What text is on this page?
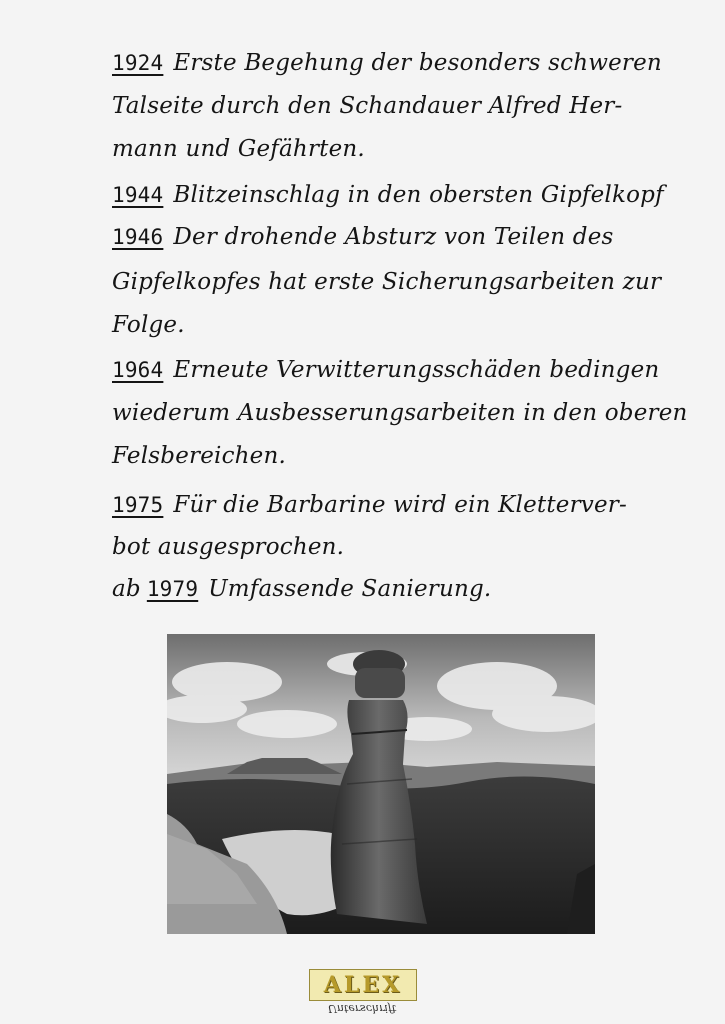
1924 Erste Begehung der besonders schweren
Talseite durch den Schandauer Alfred Her-
mann und Gefährten.
1944 Blitzeinschlag in den obersten Gipfelkopf
1946 Der drohende Absturz von Teilen des
Gipfelkopfes hat erste Sicherungsarbeiten zur
Folge.
1964 Erneute Verwitterungsschäden bedingen
wiederum Ausbesserungsarbeiten in den oberen
Felsbereichen.
1975 Für die Barbarine wird ein Kletterver-
bot ausgesprochen.
ab 1979 Umfassende Sanierung.
ALEX
Unterschrift
